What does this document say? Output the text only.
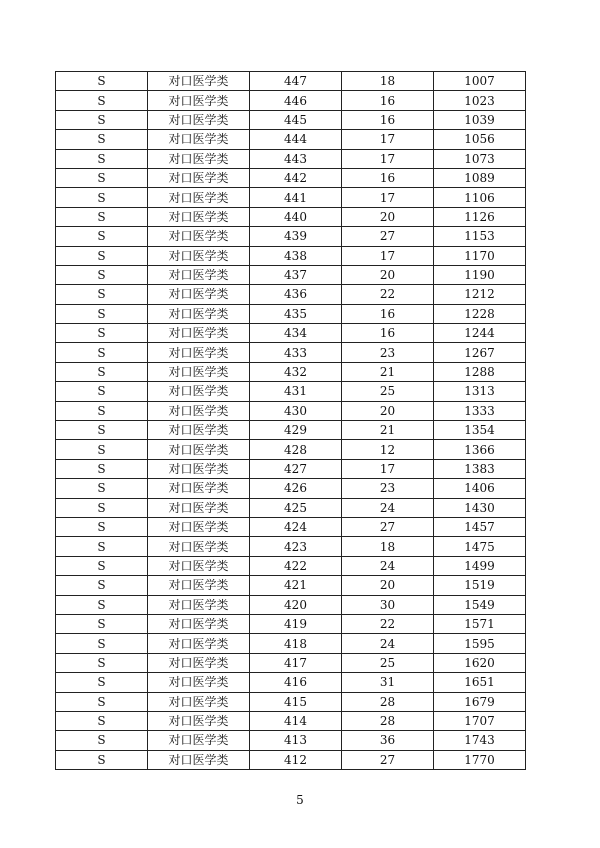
S	对口医学类	447	18	1007
S	对口医学类	446	16	1023
S	对口医学类	445	16	1039
S	对口医学类	444	17	1056
S	对口医学类	443	17	1073
S	对口医学类	442	16	1089
S	对口医学类	441	17	1106
S	对口医学类	440	20	1126
S	对口医学类	439	27	1153
S	对口医学类	438	17	1170
S	对口医学类	437	20	1190
S	对口医学类	436	22	1212
S	对口医学类	435	16	1228
S	对口医学类	434	16	1244
S	对口医学类	433	23	1267
S	对口医学类	432	21	1288
S	对口医学类	431	25	1313
S	对口医学类	430	20	1333
S	对口医学类	429	21	1354
S	对口医学类	428	12	1366
S	对口医学类	427	17	1383
S	对口医学类	426	23	1406
S	对口医学类	425	24	1430
S	对口医学类	424	27	1457
S	对口医学类	423	18	1475
S	对口医学类	422	24	1499
S	对口医学类	421	20	1519
S	对口医学类	420	30	1549
S	对口医学类	419	22	1571
S	对口医学类	418	24	1595
S	对口医学类	417	25	1620
S	对口医学类	416	31	1651
S	对口医学类	415	28	1679
S	对口医学类	414	28	1707
S	对口医学类	413	36	1743
S	对口医学类	412	27	1770
5
